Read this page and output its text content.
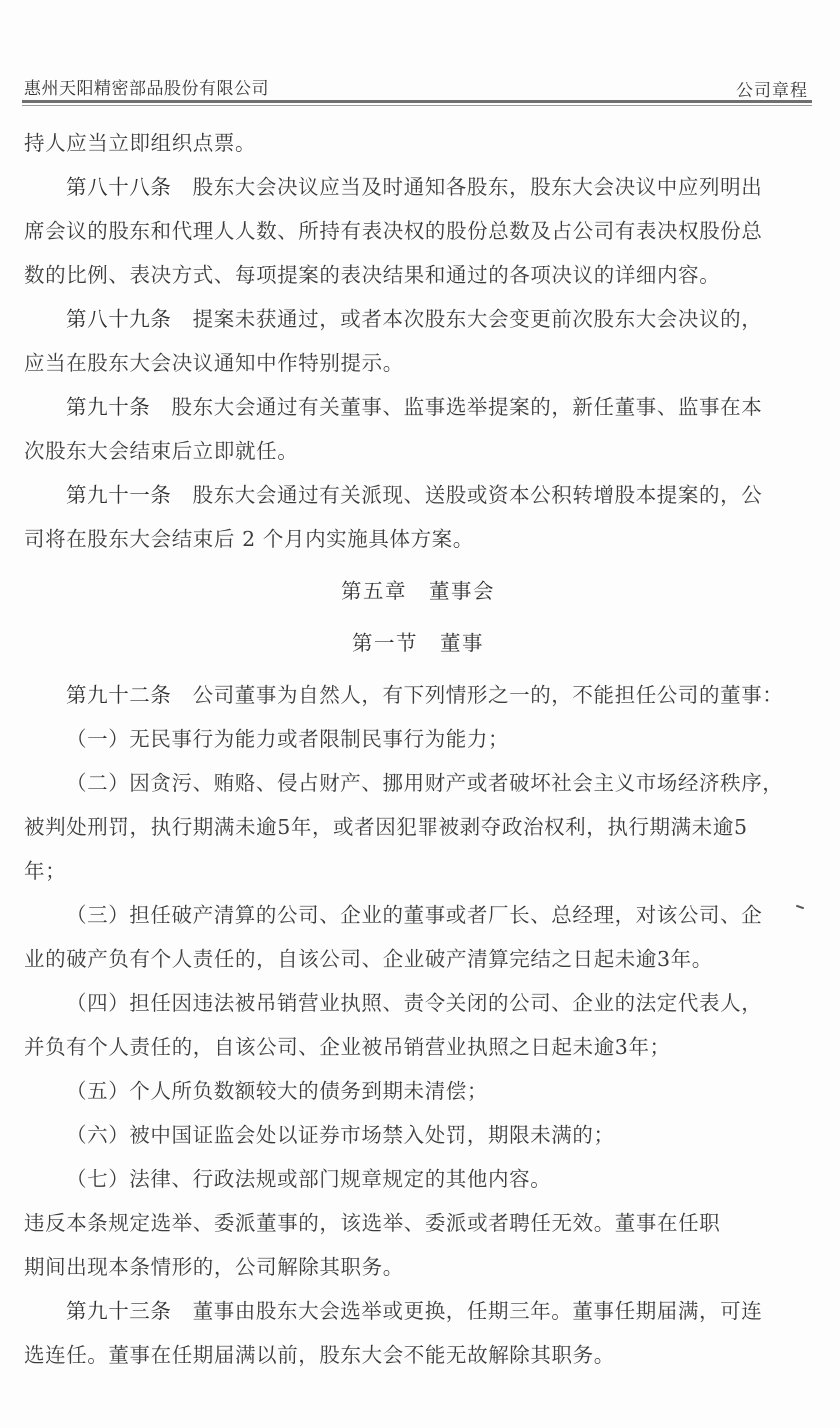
惠州天阳精密部品股份有限公司	公司章程
持人应当立即组织点票。
第八十八条　 股东大会决议应当及时通知各股东，股东大会决议中应列明出
席会议的股东和代理人人数、所持有表决权的股份总数及占公司有表决权股份总
数的比例、表决方式、每项提案的表决结果和通过的各项决议的详细内容。
第八十九条　 提案未获通过，或者本次股东大会变更前次股东大会决议的，
应当在股东大会决议通知中作特别提示。
第九十条　 股东大会通过有关董事、监事选举提案的，新任董事、监事在本
次股东大会结束后立即就任。
第九十一条　 股东大会通过有关派现、送股或资本公积转增股本提案的，公
司将在股东大会结束后 2 个月内实施具体方案。
第五章　董事会
第一节　董事
第九十二条　 公司董事为自然人，有下列情形之一的，不能担任公司的董事：
（一）无民事行为能力或者限制民事行为能力；
（二）因贪污、贿赂、侵占财产、挪用财产或者破坏社会主义市场经济秩序，
被判处刑罚，执行期满未逾5年，或者因犯罪被剥夺政治权利，执行期满未逾5
年；
（三）担任破产清算的公司、企业的董事或者厂长、总经理，对该公司、企
业的破产负有个人责任的，自该公司、企业破产清算完结之日起未逾3年。
（四）担任因违法被吊销营业执照、责令关闭的公司、企业的法定代表人，
并负有个人责任的，自该公司、企业被吊销营业执照之日起未逾3年；
（五）个人所负数额较大的债务到期未清偿；
（六）被中国证监会处以证券市场禁入处罚，期限未满的；
（七）法律、行政法规或部门规章规定的其他内容。
违反本条规定选举、委派董事的，该选举、委派或者聘任无效。董事在任职
期间出现本条情形的，公司解除其职务。
第九十三条　 董事由股东大会选举或更换，任期三年。董事任期届满，可连
选连任。董事在任期届满以前，股东大会不能无故解除其职务。
